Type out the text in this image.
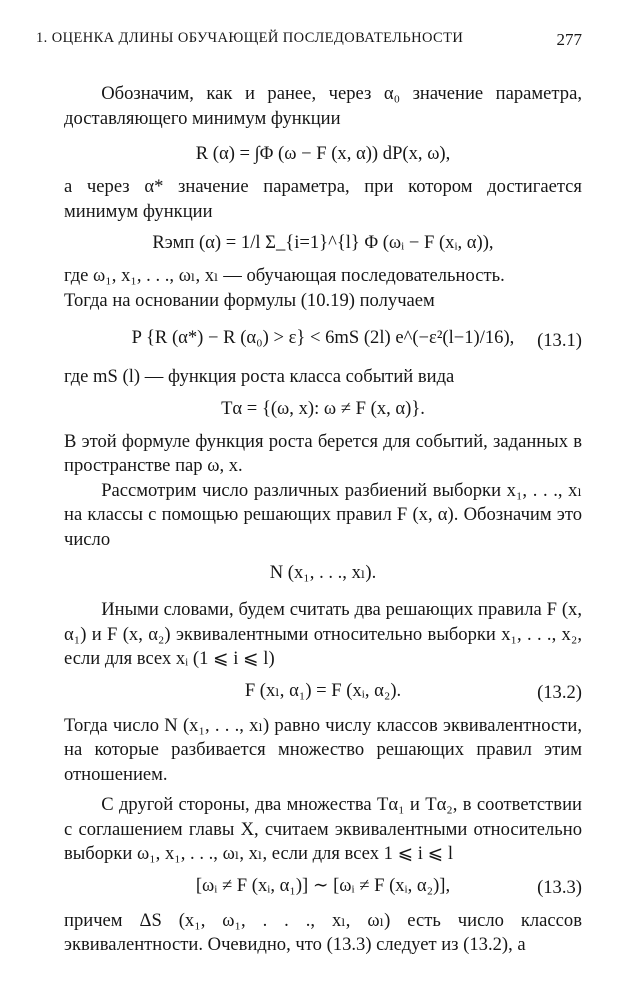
1. ОЦЕНКА ДЛИНЫ ОБУЧАЮЩЕЙ ПОСЛЕДОВАТЕЛЬНОСТИ	277

Обозначим, как и ранее, через α₀ значение параметра, доставляющего минимум функции

R (α) = ∫Φ (ω − F (x, α)) dP(x, ω),

а через α* значение параметра, при котором достигается минимум функции

Rэмп (α) = 1/l Σ_{i=1}^{l} Φ (ωᵢ − F (xᵢ, α)),

где ω₁, x₁, . . ., ωₗ, xₗ — обучающая последовательность.

Тогда на основании формулы (10.19) получаем

P {R (α*) − R (α₀) > ε} < 6mS (2l) e^(−ε²(l−1)/16), (13.1)

где mS (l) — функция роста класса событий вида

Tα = {(ω, x): ω ≠ F (x, α)}.

В этой формуле функция роста берется для событий, заданных в пространстве пар ω, x.

Рассмотрим число различных разбиений выборки x₁, . . ., xₗ на классы с помощью решающих правил F (x, α). Обозначим это число

N (x₁, . . ., xₗ).

Иными словами, будем считать два решающих правила F (x, α₁) и F (x, α₂) эквивалентными относительно выборки x₁, . . ., x₂, если для всех xᵢ (1 ⩽ i ⩽ l)

F (xₗ, α₁) = F (xᵢ, α₂).	(13.2)

Тогда число N (x₁, . . ., xₗ) равно числу классов эквивалентности, на которые разбивается множество решающих правил этим отношением.

С другой стороны, два множества Tα₁ и Tα₂, в соответствии с соглашением главы X, считаем эквивалентными относительно выборки ω₁, x₁, . . ., ωₗ, xₗ, если для всех 1 ⩽ i ⩽ l

[ωᵢ ≠ F (xᵢ, α₁)] ∼ [ωᵢ ≠ F (xᵢ, α₂)],	(13.3)

причем ΔS (x₁, ω₁, . . ., xₗ, ωₗ) есть число классов эквивалентности. Очевидно, что (13.3) следует из (13.2), а
